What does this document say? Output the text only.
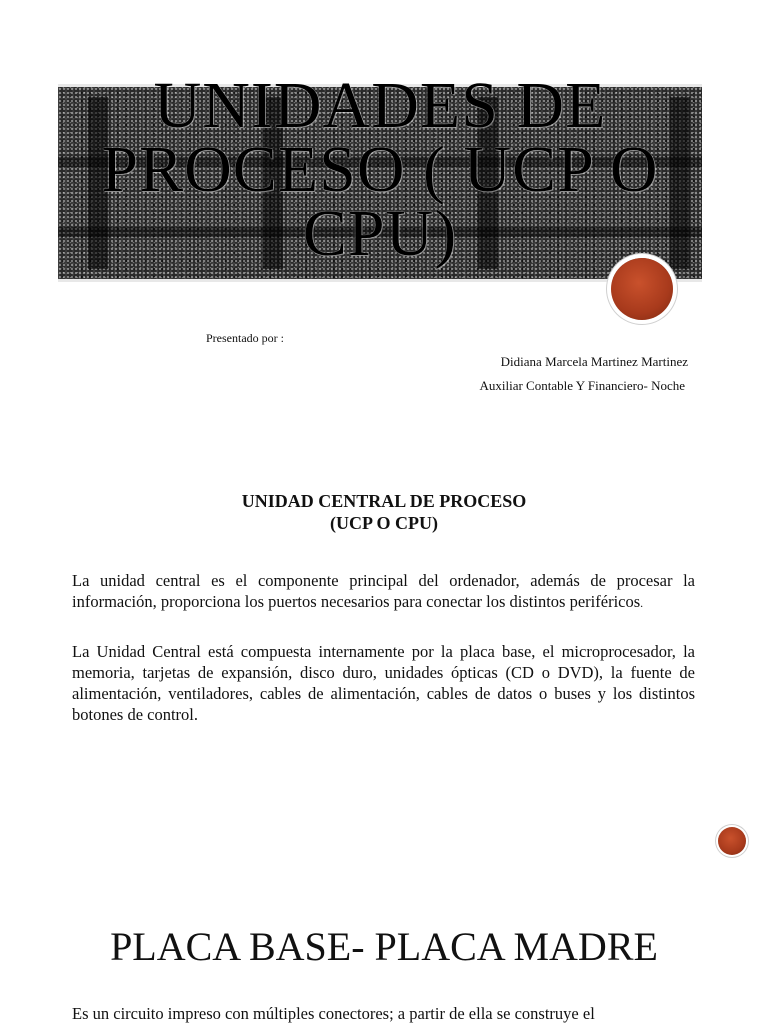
UNIDADES DE PROCESO ( UCP O CPU)
Presentado por :
Didiana Marcela Martinez Martinez
Auxiliar Contable Y Financiero- Noche
UNIDAD CENTRAL DE PROCESO
(UCP O CPU)

La unidad central es el componente principal del ordenador, además de procesar la información, proporciona los puertos necesarios para conectar los distintos periféricos.

La Unidad Central está compuesta internamente por la placa base, el microprocesador, la memoria, tarjetas de expansión, disco duro, unidades ópticas (CD o DVD), la fuente de alimentación, ventiladores, cables de alimentación, cables de datos o buses y los distintos botones de control.

PLACA BASE- PLACA MADRE

Es un circuito impreso con múltiples conectores; a partir de ella se construye el
